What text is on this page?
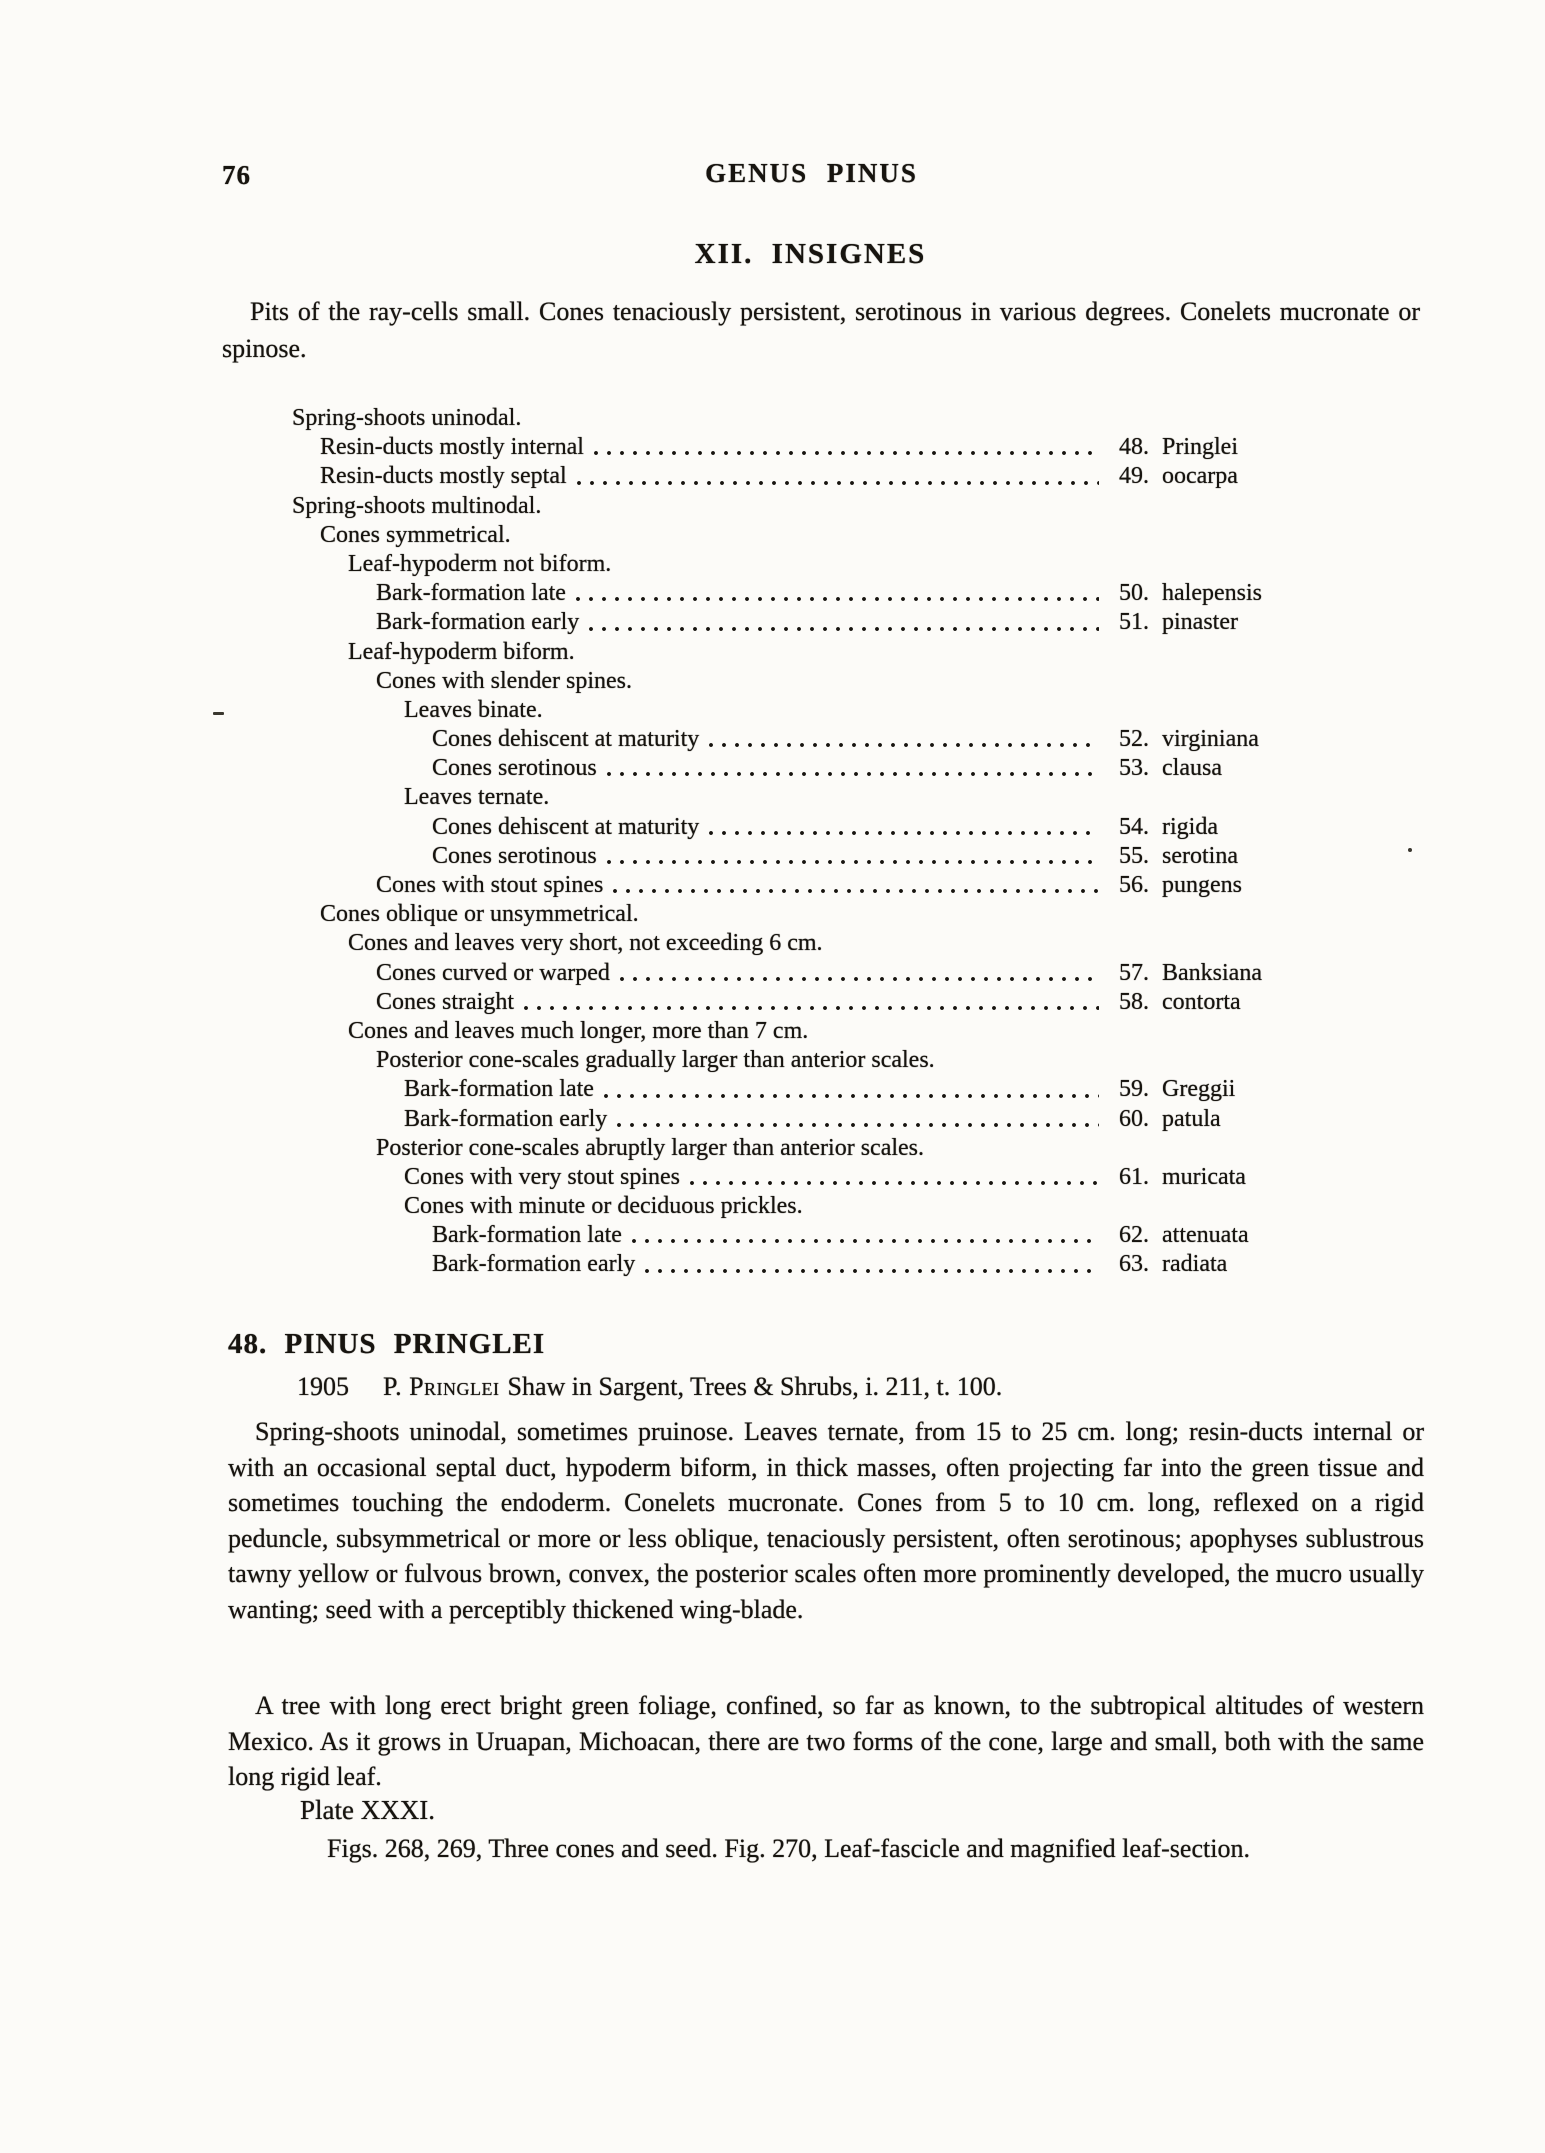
76	GENUS PINUS
XII. INSIGNES
Pits of the ray-cells small. Cones tenaciously persistent, serotinous in various degrees. Conelets mucronate or spinose.
Spring-shoots uninodal.
Resin-ducts mostly internal	48. Pringlei
Resin-ducts mostly septal	49. oocarpa
Spring-shoots multinodal.
Cones symmetrical.
Leaf-hypoderm not biform.
Bark-formation late	50. halepensis
Bark-formation early	51. pinaster
Leaf-hypoderm biform.
Cones with slender spines.
Leaves binate.
Cones dehiscent at maturity	52. virginiana
Cones serotinous	53. clausa
Leaves ternate.
Cones dehiscent at maturity	54. rigida
Cones serotinous	55. serotina
Cones with stout spines	56. pungens
Cones oblique or unsymmetrical.
Cones and leaves very short, not exceeding 6 cm.
Cones curved or warped	57. Banksiana
Cones straight	58. contorta
Cones and leaves much longer, more than 7 cm.
Posterior cone-scales gradually larger than anterior scales.
Bark-formation late	59. Greggii
Bark-formation early	60. patula
Posterior cone-scales abruptly larger than anterior scales.
Cones with very stout spines	61. muricata
Cones with minute or deciduous prickles.
Bark-formation late	62. attenuata
Bark-formation early	63. radiata
48. PINUS PRINGLEI
1905 P. Pringlei Shaw in Sargent, Trees & Shrubs, i. 211, t. 100.
Spring-shoots uninodal, sometimes pruinose. Leaves ternate, from 15 to 25 cm. long; resin-ducts internal or with an occasional septal duct, hypoderm biform, in thick masses, often projecting far into the green tissue and sometimes touching the endoderm. Conelets mucronate. Cones from 5 to 10 cm. long, reflexed on a rigid peduncle, subsymmetrical or more or less oblique, tenaciously persistent, often serotinous; apophyses sublustrous tawny yellow or fulvous brown, convex, the posterior scales often more prominently developed, the mucro usually wanting; seed with a perceptibly thickened wing-blade.
A tree with long erect bright green foliage, confined, so far as known, to the subtropical altitudes of western Mexico. As it grows in Uruapan, Michoacan, there are two forms of the cone, large and small, both with the same long rigid leaf.
Plate XXXI.
Figs. 268, 269, Three cones and seed. Fig. 270, Leaf-fascicle and magnified leaf-section.
